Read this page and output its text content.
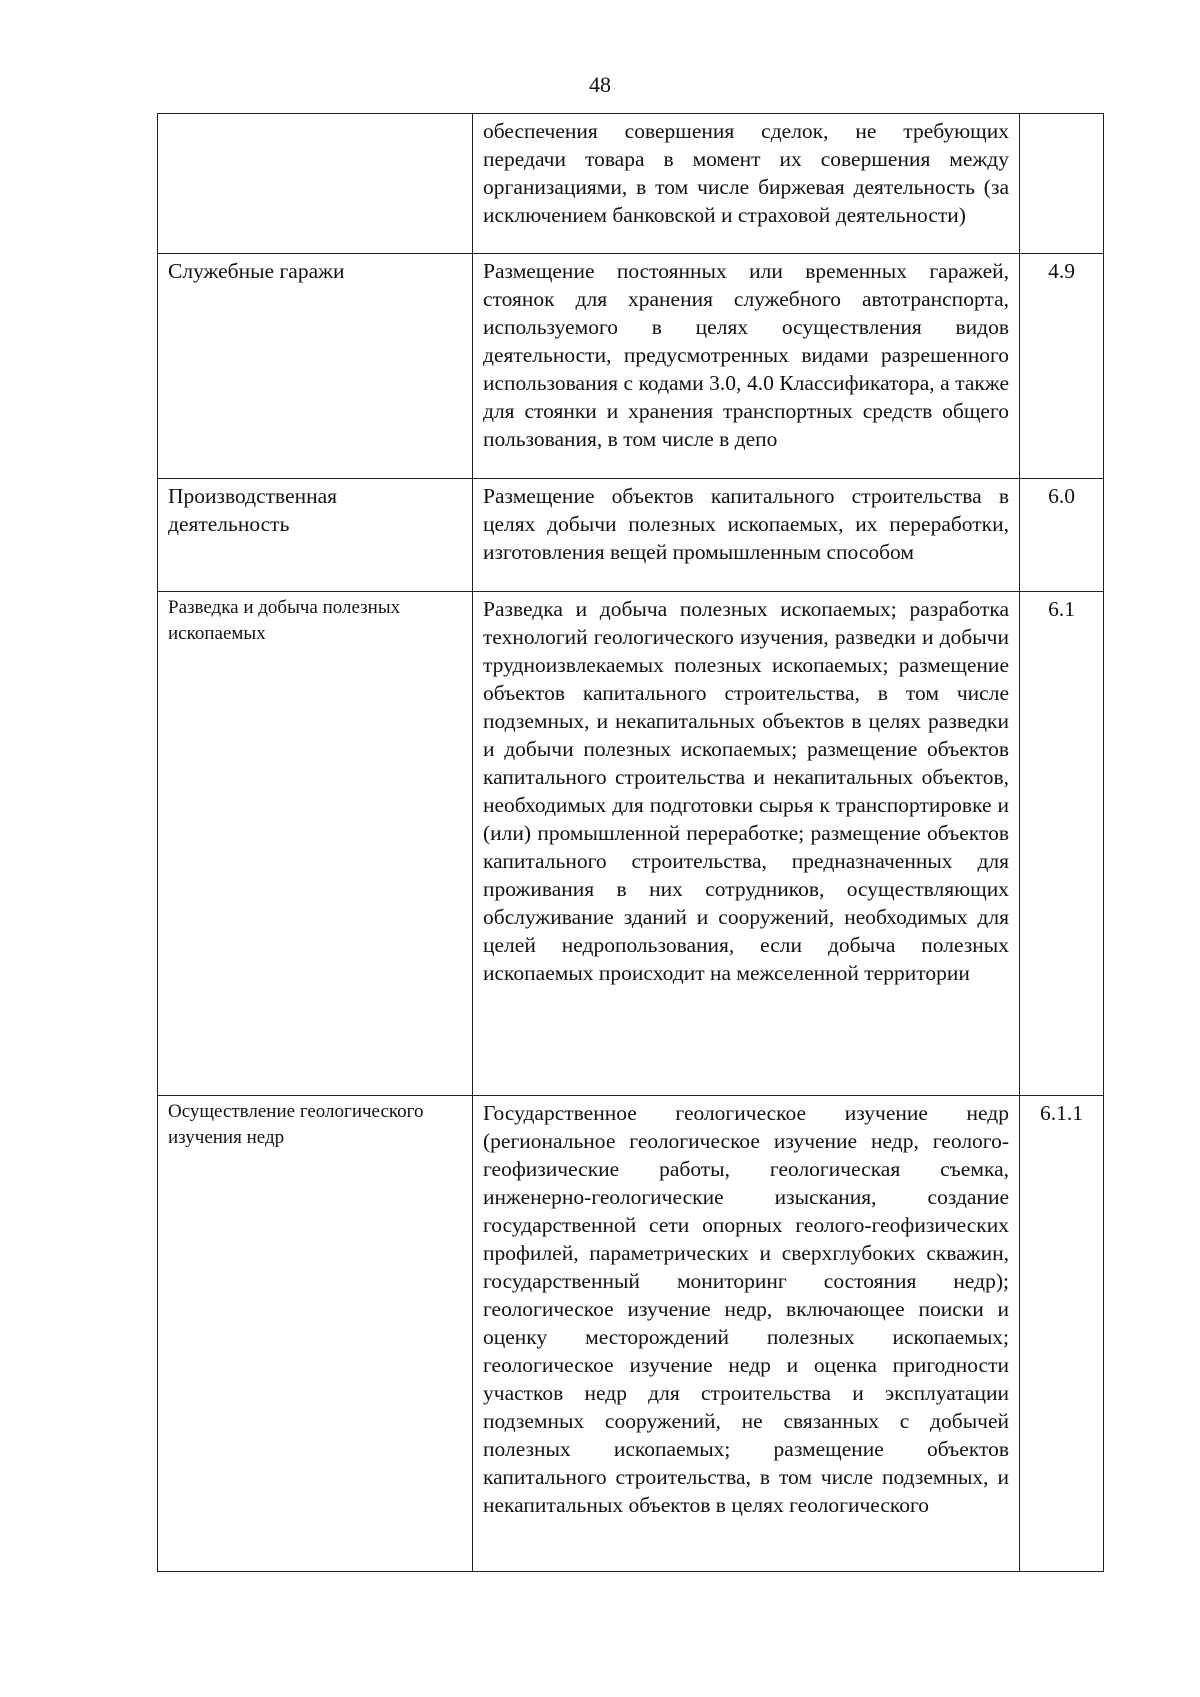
48
	обеспечения совершения сделок, не требующих передачи товара в момент их совершения между организациями, в том числе биржевая деятельность (за исключением банковской и страховой деятельности)	
Служебные гаражи	Размещение постоянных или временных гаражей, стоянок для хранения служебного автотранспорта, используемого в целях осуществления видов деятельности, предусмотренных видами разрешенного использования с кодами 3.0, 4.0 Классификатора, а также для стоянки и хранения транспортных средств общего пользования, в том числе в депо	4.9
Производственная деятельность	Размещение объектов капитального строительства в целях добычи полезных ископаемых, их переработки, изготовления вещей промышленным способом	6.0
Разведка и добыча полезных ископаемых	Разведка и добыча полезных ископаемых; разработка технологий геологического изучения, разведки и добычи трудноизвлекаемых полезных ископаемых; размещение объектов капитального строительства, в том числе подземных, и некапитальных объектов в целях разведки и добычи полезных ископаемых; размещение объектов капитального строительства и некапитальных объектов, необходимых для подготовки сырья к транспортировке и (или) промышленной переработке; размещение объектов капитального строительства, предназначенных для проживания в них сотрудников, осуществляющих обслуживание зданий и сооружений, необходимых для целей недропользования, если добыча полезных ископаемых происходит на межселенной территории	6.1
Осуществление геологического изучения недр	Государственное геологическое изучение недр (региональное геологическое изучение недр, геолого-геофизические работы, геологическая съемка, инженерно-геологические изыскания, создание государственной сети опорных геолого-геофизических профилей, параметрических и сверхглубоких скважин, государственный мониторинг состояния недр); геологическое изучение недр, включающее поиски и оценку месторождений полезных ископаемых; геологическое изучение недр и оценка пригодности участков недр для строительства и эксплуатации подземных сооружений, не связанных с добычей полезных ископаемых; размещение объектов капитального строительства, в том числе подземных, и некапитальных объектов в целях геологического	6.1.1
